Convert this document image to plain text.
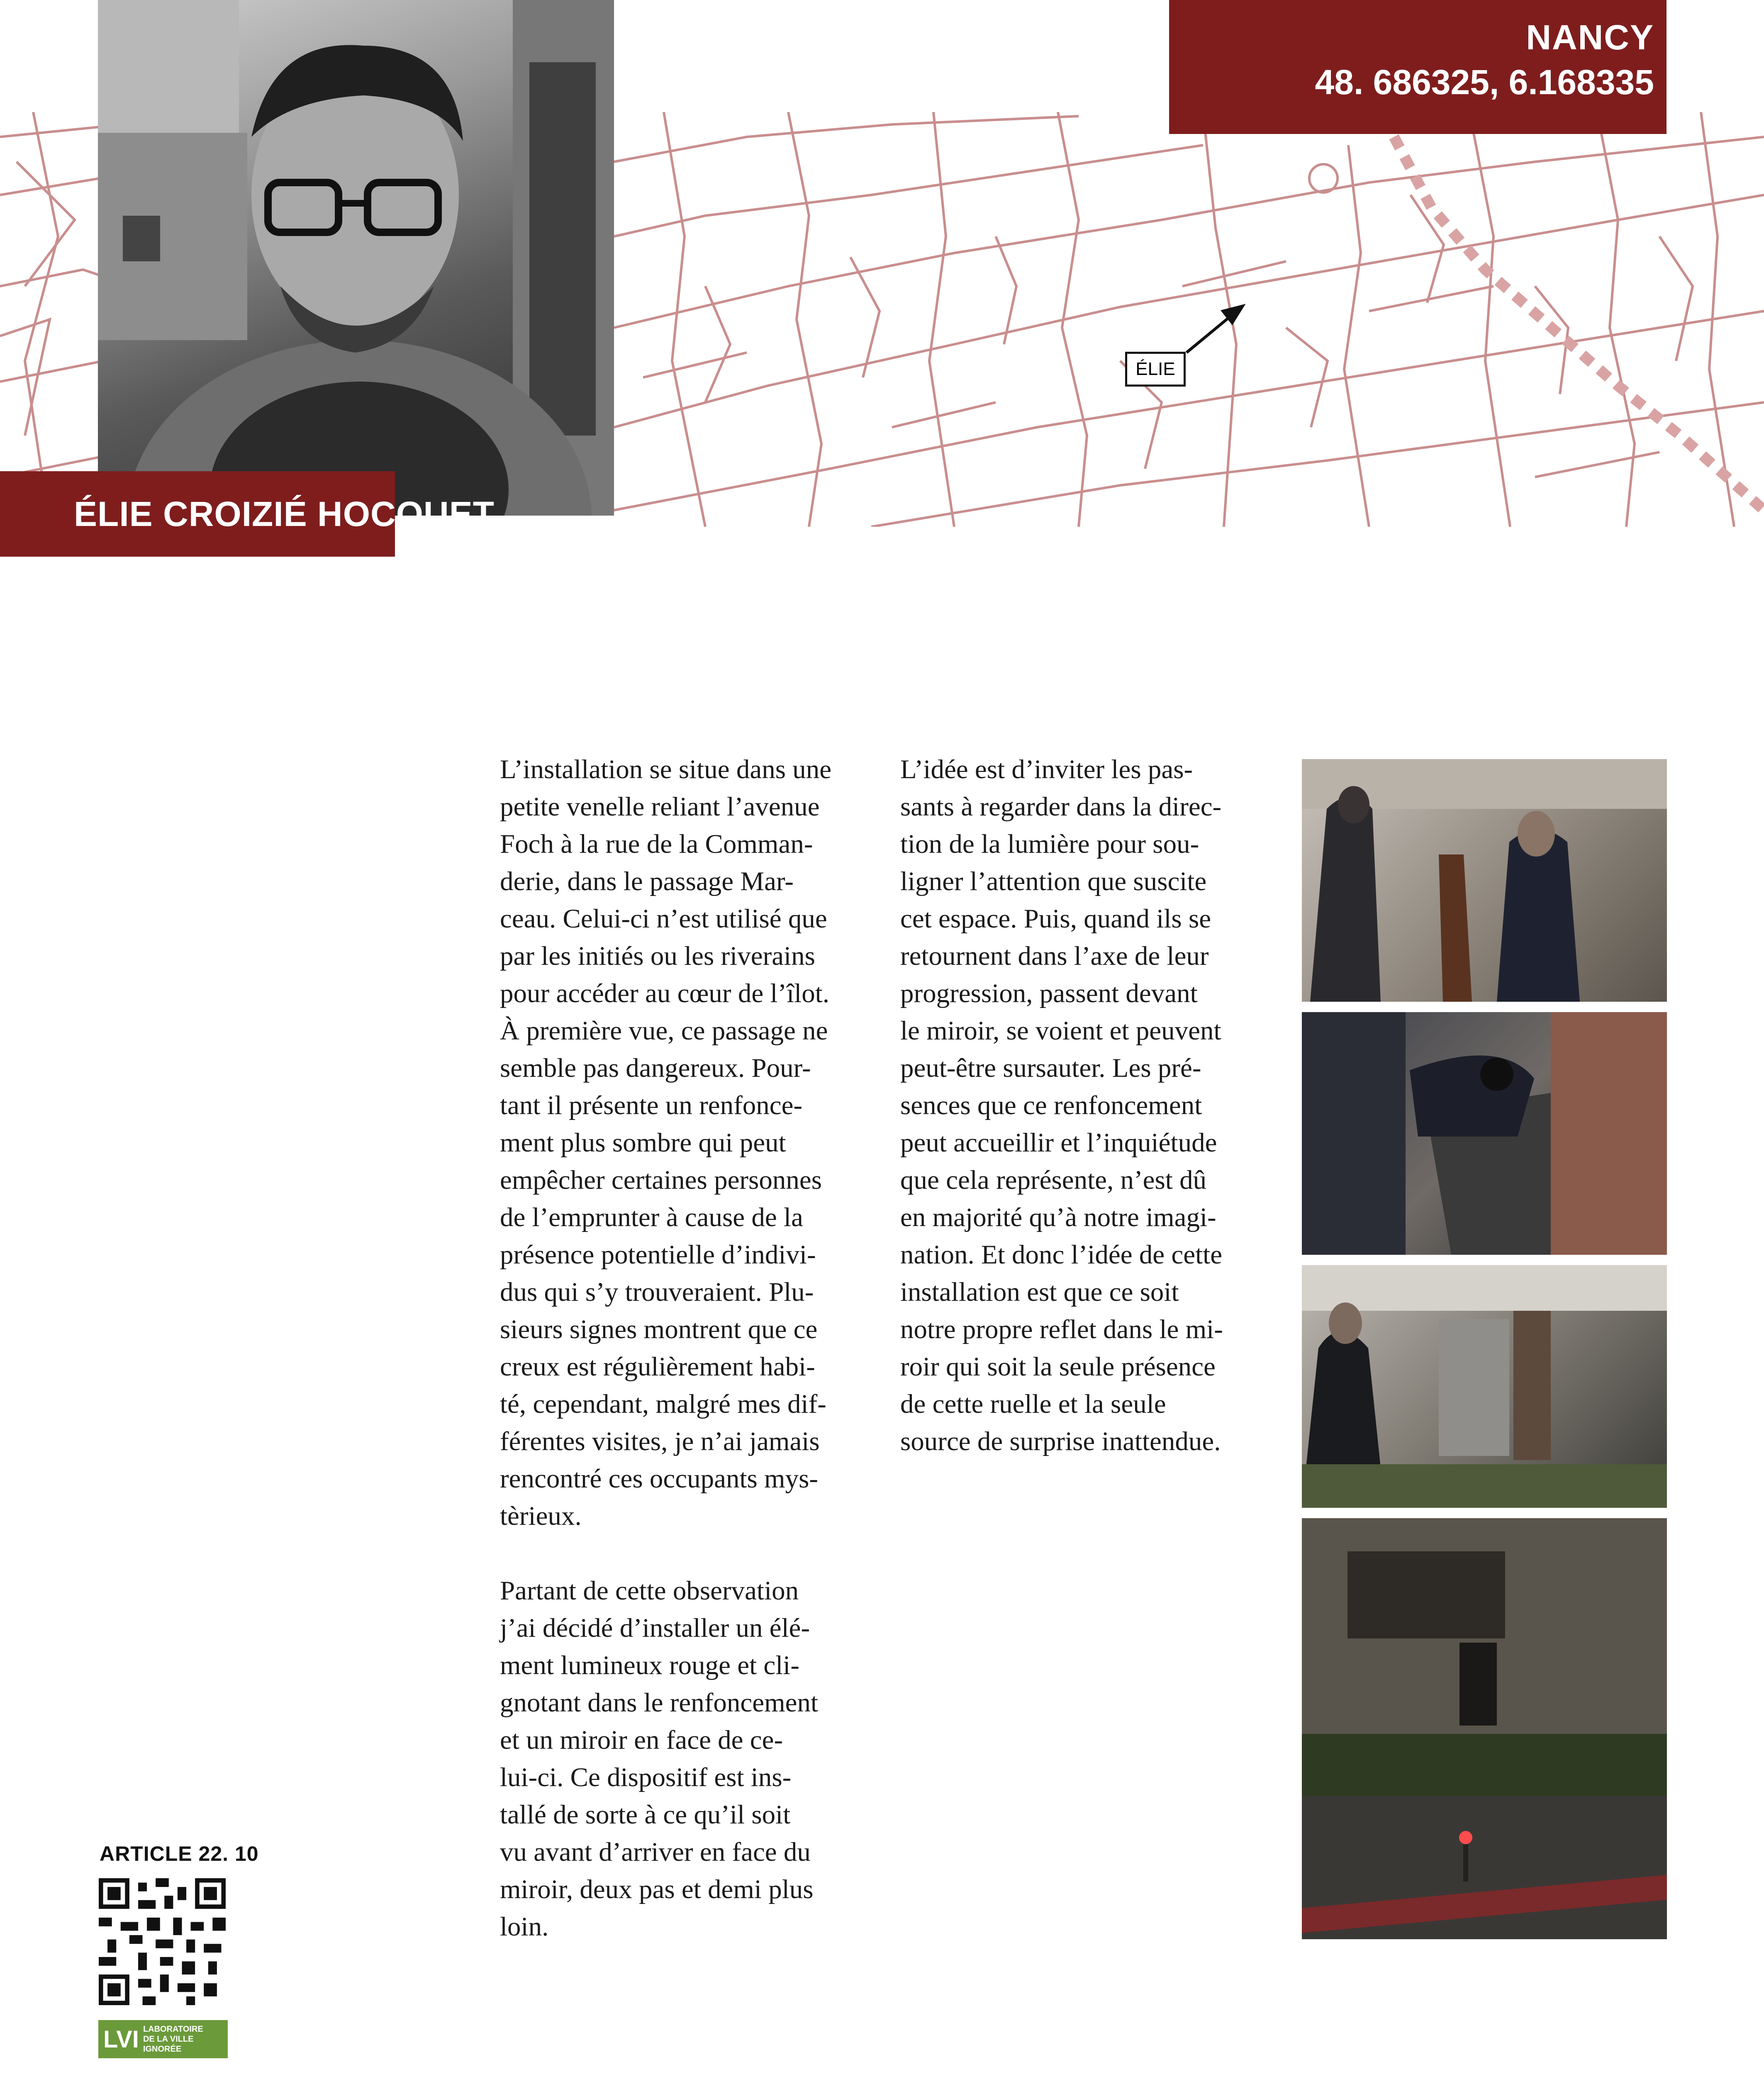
ÉLIE CROIZIÉ HOCQUET
NANCY
48. 686325, 6.168335
ÉLIE
L’installation se situe dans une
petite venelle reliant l’avenue
Foch à la rue de la Comman-
derie, dans le passage Mar-
ceau. Celui-ci n’est utilisé que
par les initiés ou les riverains
pour accéder au cœur de l’îlot.
À première vue, ce passage ne
semble pas dangereux. Pour-
tant il présente un renfonce-
ment plus sombre qui peut
empêcher certaines personnes
de l’emprunter à cause de la
présence potentielle d’indivi-
dus qui s’y trouveraient. Plu-
sieurs signes montrent que ce
creux est régulièrement habi-
té, cependant, malgré mes dif-
férentes visites, je n’ai jamais
rencontré ces occupants mys-
tèrieux.

Partant de cette observation
j’ai décidé d’installer un élé-
ment lumineux rouge et cli-
gnotant dans le renfoncement
et un miroir en face de ce-
lui-ci. Ce dispositif est ins-
tallé de sorte à ce qu’il soit
vu avant d’arriver en face du
miroir, deux pas et demi plus
loin.
L’idée est d’inviter les pas-
sants à regarder dans la direc-
tion de la lumière pour sou-
ligner l’attention que suscite
cet espace. Puis, quand ils se
retournent dans l’axe de leur
progression, passent devant
le miroir, se voient et peuvent
peut-être sursauter. Les pré-
sences que ce renfoncement
peut accueillir et l’inquiétude
que cela représente, n’est dû
en majorité qu’à notre imagi-
nation. Et donc l’idée de cette
installation est que ce soit
notre propre reflet dans le mi-
roir qui soit la seule présence
de cette ruelle et la seule
source de surprise inattendue.
ARTICLE 22. 10
LVI LABORATOIRE
DE LA VILLE IGNORÉE
